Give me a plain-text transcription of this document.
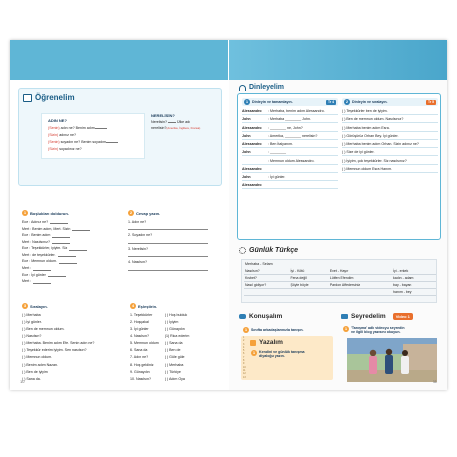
Öğrenelim
ADIN NE?
(Senin) adın ne? Benim adım
(Sizin) adınız ne?
(Senin) soyadın ne? Benim soyadım
(Sizin) soyadınız ne?
NERELİSİN?
Nerelisin?	Ülke adı
nerelisin?(Amerika, İngiltere, Fransa)
1 Boşlukları doldurun.
Ece : Adınız ne?
Mert : Benim adım, Mert. Sizin
Ece : Benim adım
Mert : Nasılsınız?
Ece : Teşekkürler, iyiyim. Siz
Mert : de teşekkürler.
Ece : Memnun oldum.
Mert :
Ece : İyi günler
Mert :
2 Cevap yazın.
1. Adın ne?
2. Soyadın ne?
3. Nerelisin?
4. Nasılsın?
3 Sıralayın.
( ) Merhaba
( ) İyi günler.
( ) Ben de memnun oldum.
( ) Nasılsın?
( ) Merhaba. Benim adım Efe. Senin adın ne?
( ) Teşekkür ederim iyiyim. Sen nasılsın?
( ) Memnun oldum.
( ) Benim adım Nazan.
( ) Ben de iyiyim
( ) Sana da.
4 Eşleştirin.
1. Teşekkürler
2. Hoşçakal
3. İyi günler
4. Nasılsın?
5. Memnun oldum
6. Sana da
7. Adın ne?
8. Hoş geldiniz
9. Günaydın
10. Nasılsın?
( ) Hoş bulduk
( ) İyiyim
( ) Günaydın
(1) Rica ederim
( ) Sana da
( ) Ben de
( ) Güle güle
( ) Merhaba
( ) Türkiye
( ) Adım Oya
10
Dinleyelim
1	Dinleyin ve tamamlayın.	Tr 4
Alessandro	: Merhaba, benim adım Alessandro.
John	: Merhaba ________ John.
Alessandro	: ________ ne, John?
John	: Amerika, ________ nerelisin?
Alessandro	: Ben İtalyanım.
John	: ________
: Memnun oldum Alessandro.
Alessandro
John	: İyi günler.
Alessandro
2	Dinleyin ve sıralayın.	Tr 5
( ) Teşekkürler ben de iyiyim.
( ) Ben de memnun oldum. Nasılsınız?
( ) Merhaba benim adım Esra.
( ) Görüşürüz Orhan Bey. İyi günler.
( ) Merhaba benim adım Orhan. Sizin adınız ne?
( ) Size de iyi günler.
( ) İyiyim, çok teşekkürler. Siz nasılsınız?
( ) Memnun oldum Esra Hanım.
Günlük Türkçe
Merhaba - Selam
Nasılsın?	İyi - Kötü	Evet - Hayır	İyi - erkek
Kısbet?	Fena değil	Lütfen Efendim	kadın - adam
Nasıl gidiyor?	Şöyle böyle	Pardon Affedersiniz	bay - bayan
			hanım - bey
Konuşalım
1	Sınıfta arkadaşlarınızla tanışın.
1
2
3
4
5
6
7
8
9
10
11
12
13
Yazalım
1	Kendini ve günlük tanışma
diyaloğu yazın.
Seyredelim	Video 1
1	'Tanışma' adlı videoyu seyredin
ve ilgili blog yazısını okuyun.
11
